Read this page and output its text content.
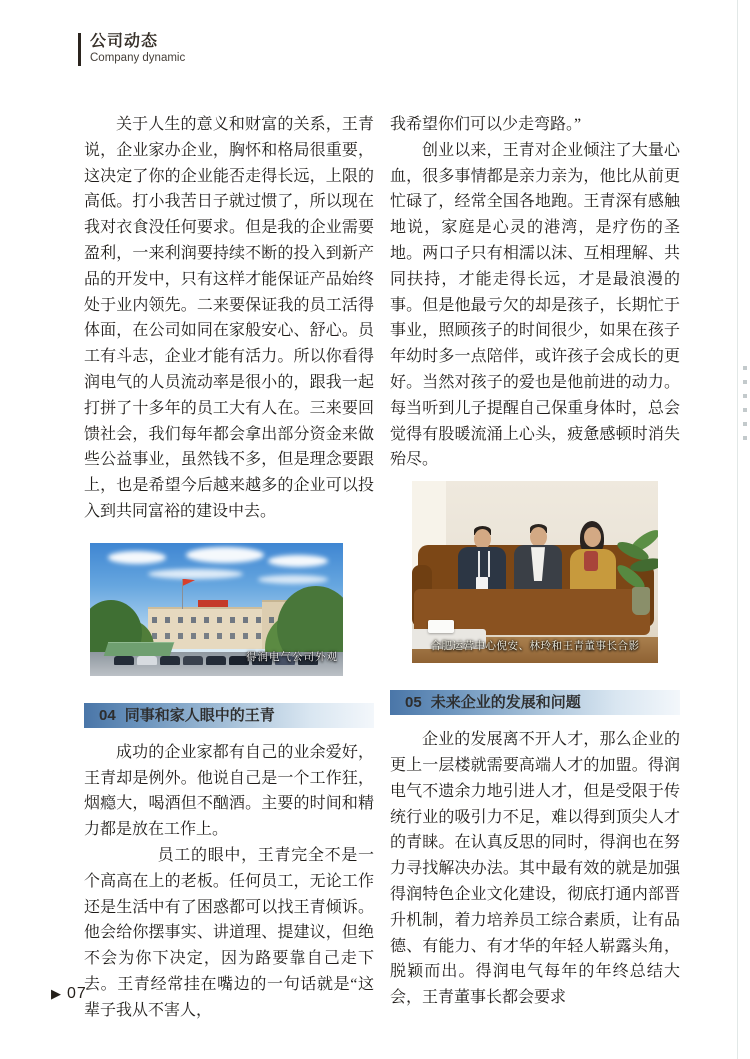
公司动态
Company dynamic

关于人生的意义和财富的关系，王青说，企业家办企业，胸怀和格局很重要，这决定了你的企业能否走得长远，上限的高低。打小我苦日子就过惯了，所以现在我对衣食没任何要求。但是我的企业需要盈利，一来利润要持续不断的投入到新产品的开发中，只有这样才能保证产品始终处于业内领先。二来要保证我的员工活得体面，在公司如同在家般安心、舒心。员工有斗志，企业才能有活力。所以你看得润电气的人员流动率是很小的，跟我一起打拼了十多年的员工大有人在。三来要回馈社会，我们每年都会拿出部分资金来做些公益事业，虽然钱不多，但是理念要跟上，也是希望今后越来越多的企业可以投入到共同富裕的建设中去。

得润电气公司外观
04 同事和家人眼中的王青

成功的企业家都有自己的业余爱好，王青却是例外。他说自己是一个工作狂，烟瘾大，喝酒但不酗酒。主要的时间和精力都是放在工作上。

员工的眼中，王青完全不是一个高高在上的老板。任何员工，无论工作还是生活中有了困惑都可以找王青倾诉。他会给你摆事实、讲道理、提建议，但绝不会为你下决定，因为路要靠自己走下去。王青经常挂在嘴边的一句话就是“这辈子我从不害人，

我希望你们可以少走弯路。”

创业以来，王青对企业倾注了大量心血，很多事情都是亲力亲为，他比从前更忙碌了，经常全国各地跑。王青深有感触地说，家庭是心灵的港湾，是疗伤的圣地。两口子只有相濡以沫、互相理解、共同扶持，才能走得长远，才是最浪漫的事。但是他最亏欠的却是孩子，长期忙于事业，照顾孩子的时间很少，如果在孩子年幼时多一点陪伴，或许孩子会成长的更好。当然对孩子的爱也是他前进的动力。每当听到儿子提醒自己保重身体时，总会觉得有股暖流涌上心头，疲惫感顿时消失殆尽。

合肥运营中心倪安、林玲和王青董事长合影
05 未来企业的发展和问题

企业的发展离不开人才，那么企业的更上一层楼就需要高端人才的加盟。得润电气不遗余力地引进人才，但是受限于传统行业的吸引力不足，难以得到顶尖人才的青睐。在认真反思的同时，得润也在努力寻找解决办法。其中最有效的就是加强得润特色企业文化建设，彻底打通内部晋升机制，着力培养员工综合素质，让有品德、有能力、有才华的年轻人崭露头角，脱颖而出。得润电气每年的年终总结大会，王青董事长都会要求

▶ 07
